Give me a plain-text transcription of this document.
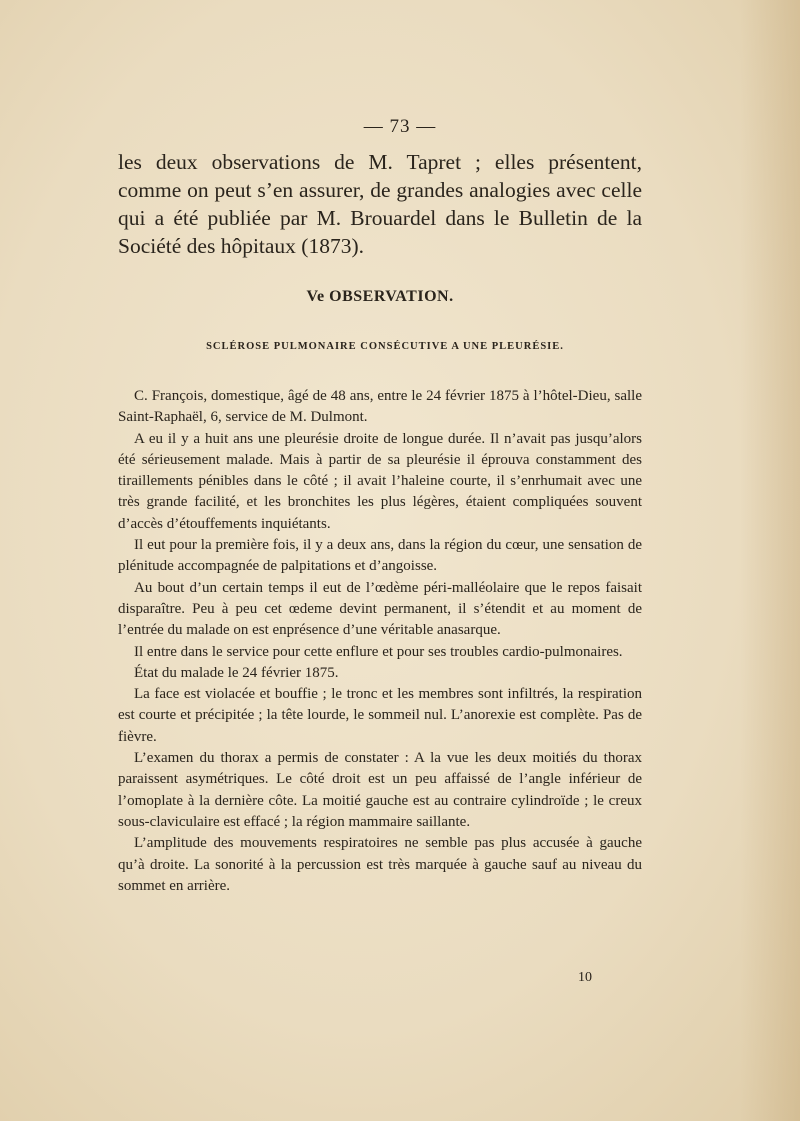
— 73 —
les deux observations de M. Tapret ; elles présentent, comme on peut s’en assurer, de grandes analogies avec celle qui a été publiée par M. Brouardel dans le Bulletin de la Société des hôpitaux (1873).
Ve OBSERVATION.
SCLÉROSE PULMONAIRE CONSÉCUTIVE A UNE PLEURÉSIE.

C. François, domestique, âgé de 48 ans, entre le 24 février 1875 à l’hôtel-Dieu, salle Saint-Raphaël, 6, service de M. Dulmont.

A eu il y a huit ans une pleurésie droite de longue durée. Il n’avait pas jusqu’alors été sérieusement malade. Mais à partir de sa pleurésie il éprouva constamment des tiraillements pénibles dans le côté ; il avait l’haleine courte, il s’enrhumait avec une très grande facilité, et les bronchites les plus légères, étaient compliquées souvent d’accès d’étouffements inquiétants.

Il eut pour la première fois, il y a deux ans, dans la région du cœur, une sensation de plénitude accompagnée de palpitations et d’angoisse.

Au bout d’un certain temps il eut de l’œdème péri-malléolaire que le repos faisait disparaître. Peu à peu cet œdeme devint permanent, il s’étendit et au moment de l’entrée du malade on est enprésence d’une véritable anasarque.

Il entre dans le service pour cette enflure et pour ses troubles cardio-pulmonaires.

État du malade le 24 février 1875.

La face est violacée et bouffie ; le tronc et les membres sont infiltrés, la respiration est courte et précipitée ; la tête lourde, le sommeil nul. L’anorexie est complète. Pas de fièvre.

L’examen du thorax a permis de constater : A la vue les deux moitiés du thorax paraissent asymétriques. Le côté droit est un peu affaissé de l’angle inférieur de l’omoplate à la dernière côte. La moitié gauche est au contraire cylindroïde ; le creux sous-claviculaire est effacé ; la région mammaire saillante.

L’amplitude des mouvements respiratoires ne semble pas plus accusée à gauche qu’à droite. La sonorité à la percussion est très marquée à gauche sauf au niveau du sommet en arrière.

10
